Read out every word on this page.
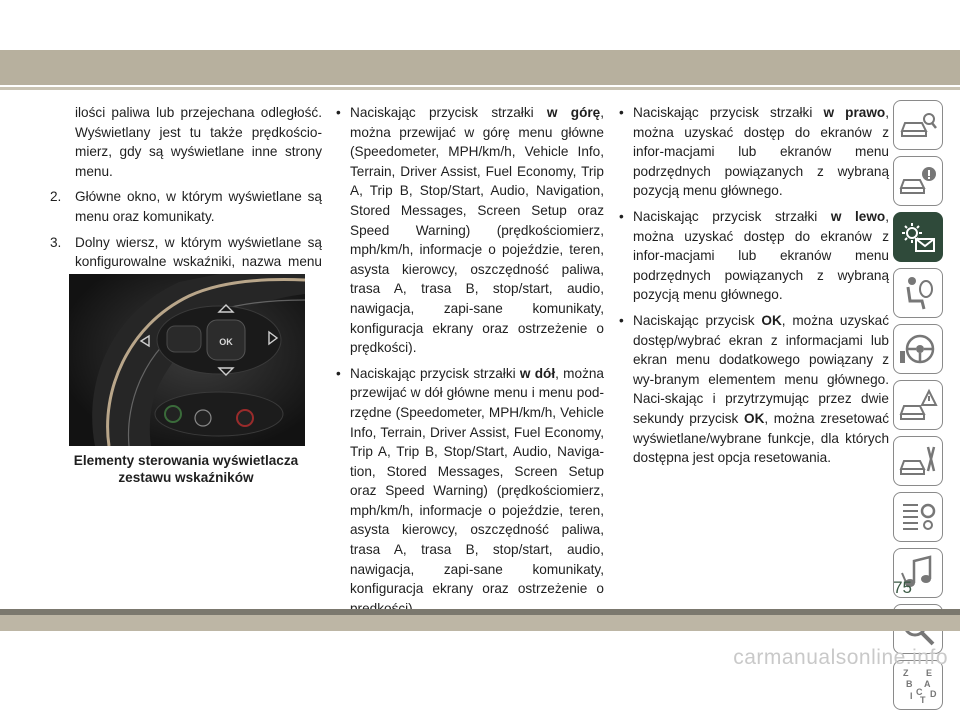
ilości paliwa lub przejechana odległość. Wyświetlany jest tu także prędkościo-mierz, gdy są wyświetlane inne strony menu.

2. Główne okno, w którym wyświetlane są menu oraz komunikaty.
3. Dolny wiersz, w którym wyświetlane są konfigurowalne wskaźniki, nazwa menu
OK
Elementy sterowania wyświetlacza zestawu wskaźników
• Naciskając przycisk strzałki w górę, można przewijać w górę menu główne (Speedometer, MPH/km/h, Vehicle Info, Terrain, Driver Assist, Fuel Economy, Trip A, Trip B, Stop/Start, Audio, Navigation, Stored Messages, Screen Setup oraz Speed Warning) (prędkościomierz, mph/km/h, informacje o pojeździe, teren, asysta kierowcy, oszczędność paliwa, trasa A, trasa B, stop/start, audio, nawigacja, zapi-sane komunikaty, konfiguracja ekrany oraz ostrzeżenie o prędkości).
• Naciskając przycisk strzałki w dół, można przewijać w dół główne menu i menu pod-rzędne (Speedometer, MPH/km/h, Vehicle Info, Terrain, Driver Assist, Fuel Economy, Trip A, Trip B, Stop/Start, Audio, Naviga-tion, Stored Messages, Screen Setup oraz Speed Warning) (prędkościomierz, mph/km/h, informacje o pojeździe, teren, asysta kierowcy, oszczędność paliwa, trasa A, trasa B, stop/start, audio, nawigacja, zapi-sane komunikaty, konfiguracja ekrany oraz ostrzeżenie o
• Naciskając przycisk strzałki w prawo, można uzyskać dostęp do ekranów z infor-macjami lub ekranów menu podrzędnych powiązanych z wybraną pozycją menu głównego.
• Naciskając przycisk strzałki w lewo, można uzyskać dostęp do ekranów z infor-macjami lub ekranów menu podrzędnych powiązanych z wybraną pozycją menu głównego.
• Naciskając przycisk OK, można uzyskać dostęp/wybrać ekran z informacjami lub ekran menu dodatkowego powiązany z wy-branym elementem menu głównego. Naci-skając i przytrzymując przez dwie sekundy przycisk OK, można zresetować wyświetlane/wybrane funkcje, dla których dostępna jest opcja resetowania.
Z E
B A
I C D
T
75
carmanualsonline.info
